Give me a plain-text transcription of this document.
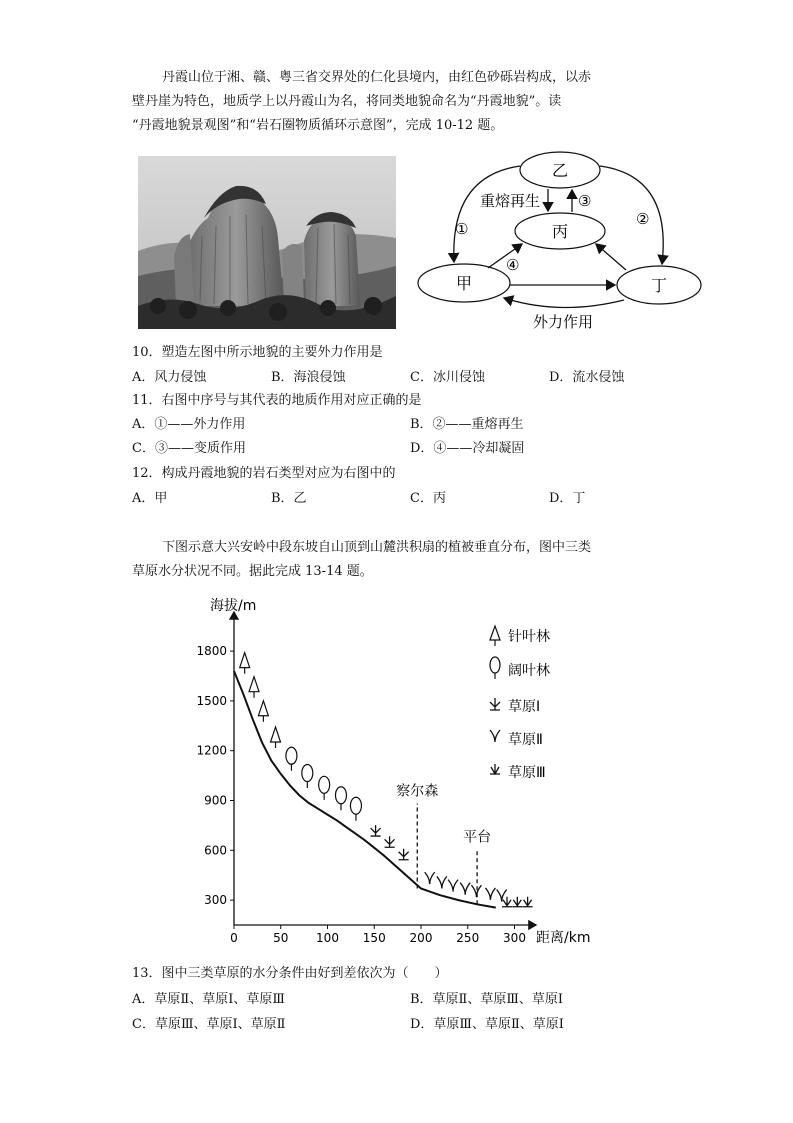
丹霞山位于湘、赣、粤三省交界处的仁化县境内，由红色砂砾岩构成，以赤
壁丹崖为特色，地质学上以丹霞山为名，将同类地貌命名为“丹霞地貌”。读
“丹霞地貌景观图”和“岩石圈物质循环示意图”，完成 10-12 题。
乙
丙
甲	丁
重熔再生
外力作用
①
②
③
④
10．塑造左图中所示地貌的主要外力作用是
A．风力侵蚀	B．海浪侵蚀	C．冰川侵蚀	D．流水侵蚀
11．右图中序号与其代表的地质作用对应正确的是
A．①——外力作用	B．②——重熔再生
C．③——变质作用	D．④——冷却凝固
12．构成丹霞地貌的岩石类型对应为右图中的
A．甲	B．乙	C．丙	D．丁
下图示意大兴安岭中段东坡自山顶到山麓洪积扇的植被垂直分布，图中三类
草原水分状况不同。据此完成 13-14 题。
海拔/m
距离/km
0	50 100 150 200 250 300
300
600
900
1200
1500
1800
察尔森
平台
针叶林
阔叶林
草原Ⅰ
草原Ⅱ
草原Ⅲ
13．图中三类草原的水分条件由好到差依次为（　　）
A．草原Ⅱ、草原Ⅰ、草原Ⅲ	B．草原Ⅱ、草原Ⅲ、草原Ⅰ
C．草原Ⅲ、草原Ⅰ、草原Ⅱ	D．草原Ⅲ、草原Ⅱ、草原Ⅰ
